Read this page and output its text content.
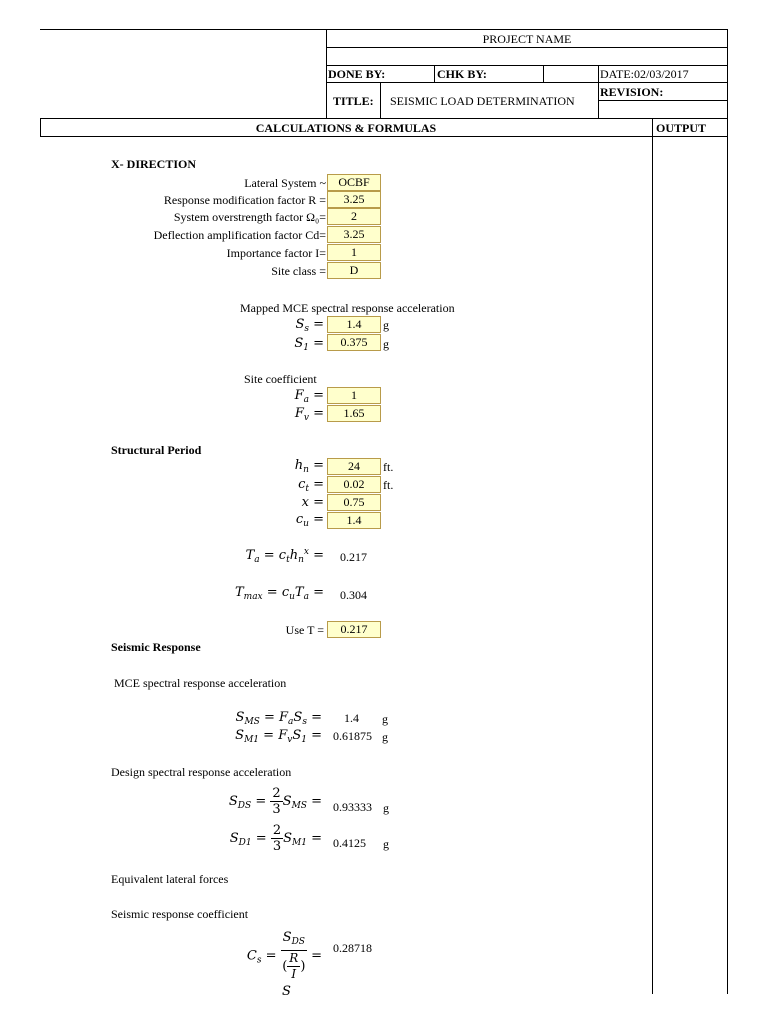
PROJECT NAME
DONE BY:	CHK BY:	DATE:02/03/2017
TITLE: SEISMIC LOAD DETERMINATION
REVISION:
CALCULATIONS & FORMULAS	OUTPUT
X- DIRECTION
Lateral System ~	OCBF
Response modification factor R =	3.25
System overstrength factor Ω₀=	2
Deflection amplification factor Cd=	3.25
Importance factor I=	1
Site class =	D
Mapped MCE spectral response acceleration
$S_s$ =	1.4	g
$S_1$ =	0.375	g
Site coefficient
$F_a$ =	1
$F_v$ =	1.65
Structural Period
$h_n$ =	24	ft.
$c_t$ =	0.02	ft.
x =	0.75
$c_u$ =	1.4
$T_a = c_th_n^x = 0.217$
$T_{max} = c_uT_a = 0.304$
Use T =	0.217
Seismic Response
MCE spectral response acceleration
$S_{MS} = F_aS_s = 1.4$ g
$S_{M1} = F_vS_1 = 0.61875$ g
Design spectral response acceleration
$S_{DS} = \frac{2}{3} S_{MS} = 0.93333$ g
$S_{D1} = \frac{2}{3} S_{M1} = 0.4125$ g
Equivalent lateral forces
Seismic response coefficient
$C_s = \frac{S_{DS}}{( \frac{R}{I} )}$ =
0.28718
S
